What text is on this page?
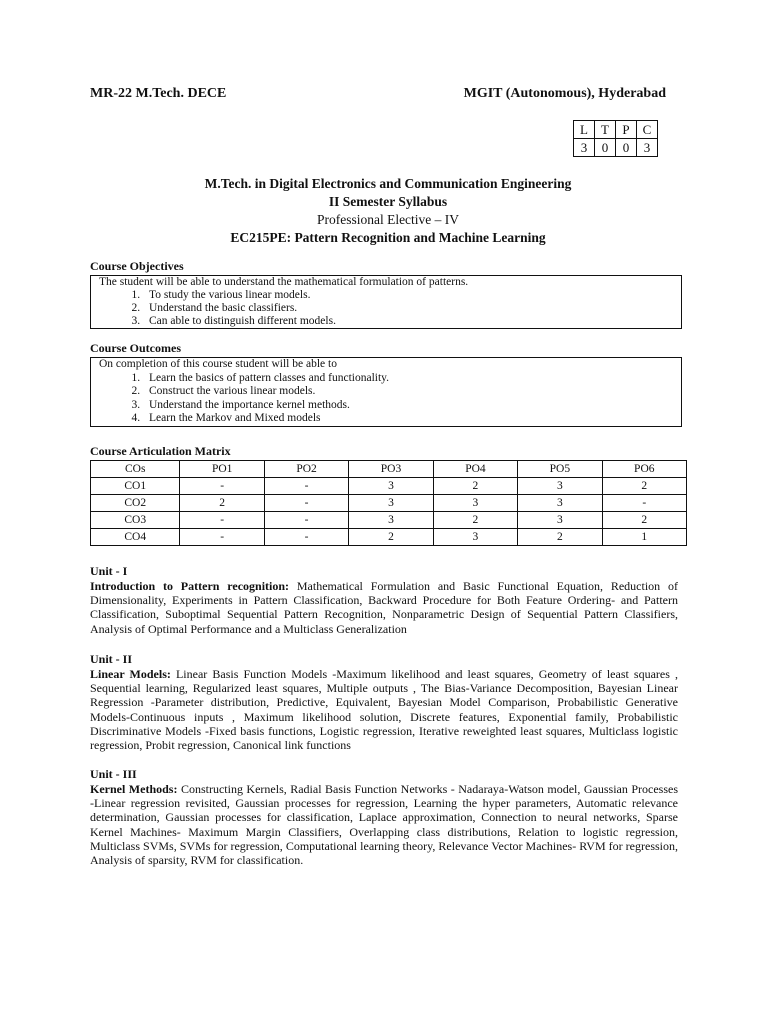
MR-22 M.Tech. DECE	MGIT (Autonomous), Hyderabad
L	T	P	C
3	0	0	3
M.Tech. in Digital Electronics and Communication Engineering
II Semester Syllabus
Professional Elective – IV
EC215PE: Pattern Recognition and Machine Learning
Course Objectives
The student will be able to understand the mathematical formulation of patterns.
1. To study the various linear models.
2. Understand the basic classifiers.
3. Can able to distinguish different models.
Course Outcomes
On completion of this course student will be able to
1. Learn the basics of pattern classes and functionality.
2. Construct the various linear models.
3. Understand the importance kernel methods.
4. Learn the Markov and Mixed models
Course Articulation Matrix
COs	PO1	PO2	PO3	PO4	PO5	PO6
CO1	-	-	3	2	3	2
CO2	2	-	3	3	3	-
CO3	-	-	3	2	3	2
CO4	-	-	2	3	2	1
Unit - I
Introduction to Pattern recognition: Mathematical Formulation and Basic Functional Equation, Reduction of Dimensionality, Experiments in Pattern Classification, Backward Procedure for Both Feature Ordering- and Pattern Classification, Suboptimal Sequential Pattern Recognition, Nonparametric Design of Sequential Pattern Classifiers, Analysis of Optimal Performance and a Multiclass Generalization
Unit - II
Linear Models: Linear Basis Function Models -Maximum likelihood and least squares, Geometry of least squares , Sequential learning, Regularized least squares, Multiple outputs , The Bias-Variance Decomposition, Bayesian Linear Regression -Parameter distribution, Predictive, Equivalent, Bayesian Model Comparison, Probabilistic Generative Models-Continuous inputs , Maximum likelihood solution, Discrete features, Exponential family, Probabilistic Discriminative Models -Fixed basis functions, Logistic regression, Iterative reweighted least squares, Multiclass logistic regression, Probit regression, Canonical link functions
Unit - III
Kernel Methods: Constructing Kernels, Radial Basis Function Networks - Nadaraya-Watson model, Gaussian Processes -Linear regression revisited, Gaussian processes for regression, Learning the hyper parameters, Automatic relevance determination, Gaussian processes for classification, Laplace approximation, Connection to neural networks, Sparse Kernel Machines- Maximum Margin Classifiers, Overlapping class distributions, Relation to logistic regression, Multiclass SVMs, SVMs for regression, Computational learning theory, Relevance Vector Machines- RVM for regression, Analysis of sparsity, RVM for classification.
